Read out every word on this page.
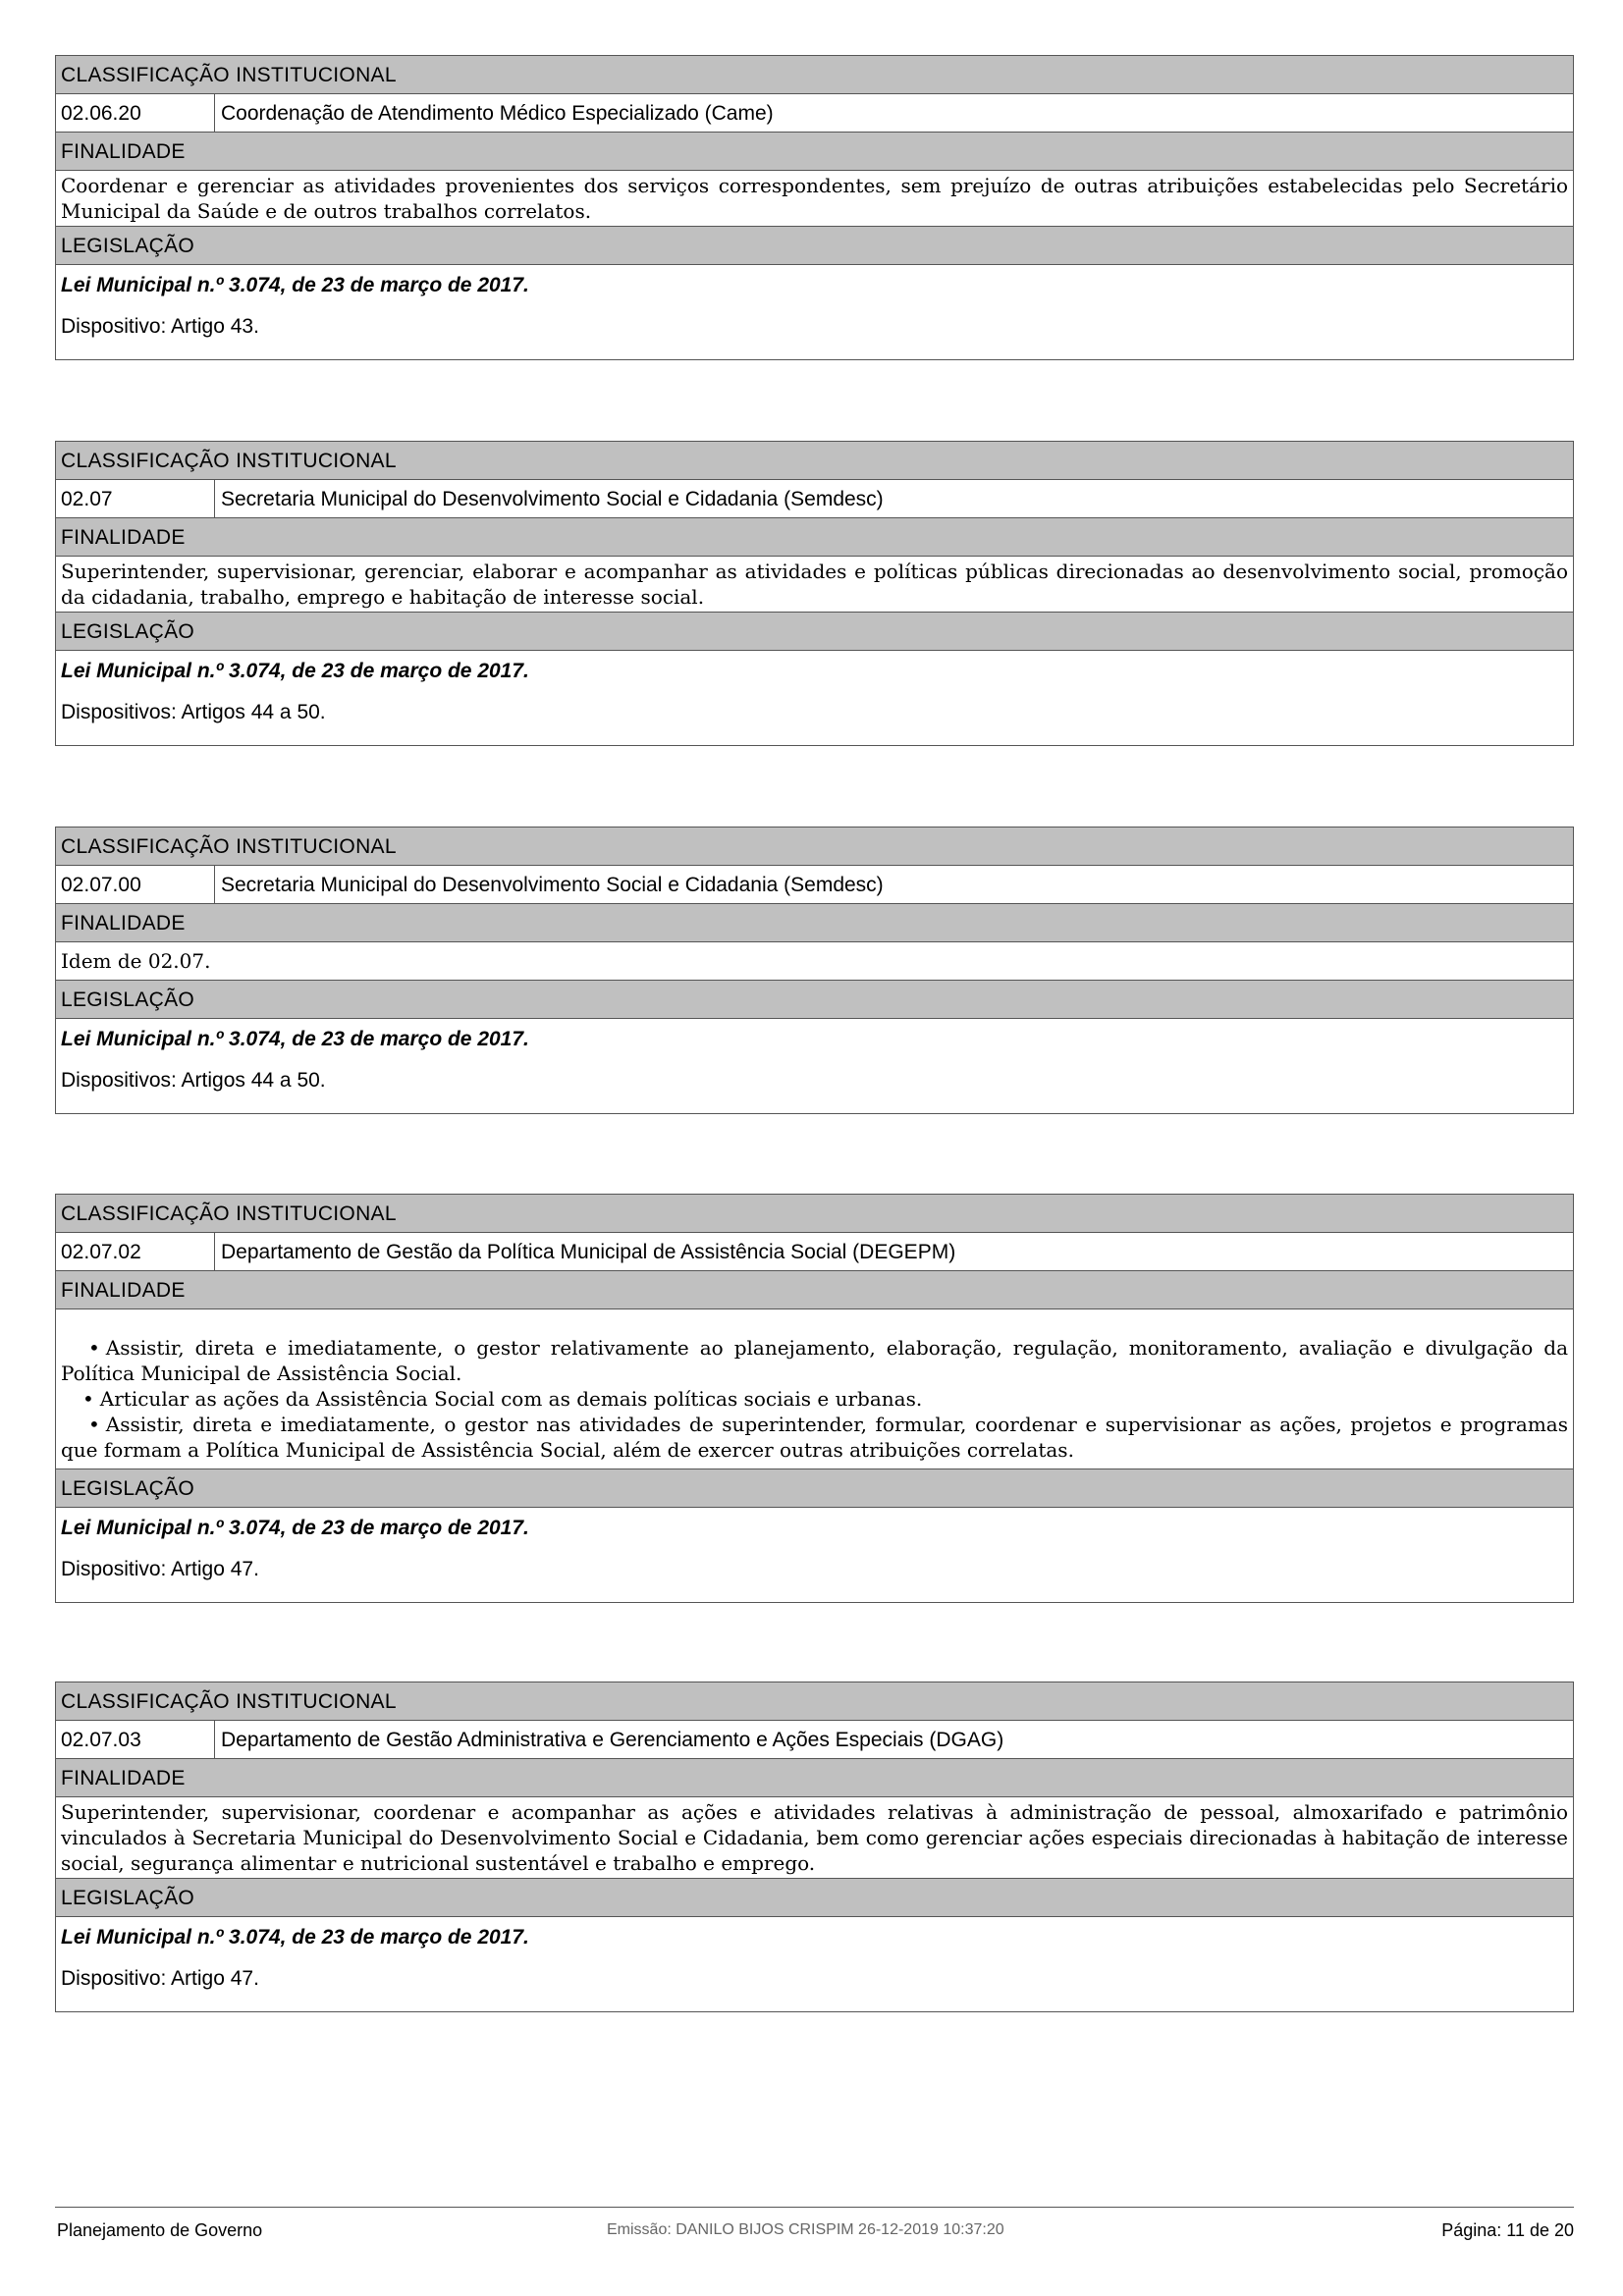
CLASSIFICAÇÃO INSTITUCIONAL
02.06.20	Coordenação de Atendimento Médico Especializado (Came)
FINALIDADE
Coordenar e gerenciar as atividades provenientes dos serviços correspondentes, sem prejuízo de outras atribuições estabelecidas pelo Secretário Municipal da Saúde e de outros trabalhos correlatos.
LEGISLAÇÃO
Lei Municipal n.º 3.074, de 23 de março de 2017.
Dispositivo: Artigo 43.
CLASSIFICAÇÃO INSTITUCIONAL
02.07	Secretaria Municipal do Desenvolvimento Social e Cidadania (Semdesc)
FINALIDADE
Superintender, supervisionar, gerenciar, elaborar e acompanhar as atividades e políticas públicas direcionadas ao desenvolvimento social, promoção da cidadania, trabalho, emprego e habitação de interesse social.
LEGISLAÇÃO
Lei Municipal n.º 3.074, de 23 de março de 2017.
Dispositivos: Artigos 44 a 50.
CLASSIFICAÇÃO INSTITUCIONAL
02.07.00	Secretaria Municipal do Desenvolvimento Social e Cidadania (Semdesc)
FINALIDADE
Idem de 02.07.
LEGISLAÇÃO
Lei Municipal n.º 3.074, de 23 de março de 2017.
Dispositivos: Artigos 44 a 50.
CLASSIFICAÇÃO INSTITUCIONAL
02.07.02	Departamento de Gestão da Política Municipal de Assistência Social (DEGEPM)
FINALIDADE
• Assistir, direta e imediatamente, o gestor relativamente ao planejamento, elaboração, regulação, monitoramento, avaliação e divulgação da Política Municipal de Assistência Social.
• Articular as ações da Assistência Social com as demais políticas sociais e urbanas.
• Assistir, direta e imediatamente, o gestor nas atividades de superintender, formular, coordenar e supervisionar as ações, projetos e programas que formam a Política Municipal de Assistência Social, além de exercer outras atribuições correlatas.
LEGISLAÇÃO
Lei Municipal n.º 3.074, de 23 de março de 2017.
Dispositivo: Artigo 47.
CLASSIFICAÇÃO INSTITUCIONAL
02.07.03	Departamento de Gestão Administrativa e Gerenciamento e Ações Especiais (DGAG)
FINALIDADE
Superintender, supervisionar, coordenar e acompanhar as ações e atividades relativas à administração de pessoal, almoxarifado e patrimônio vinculados à Secretaria Municipal do Desenvolvimento Social e Cidadania, bem como gerenciar ações especiais direcionadas à habitação de interesse social, segurança alimentar e nutricional sustentável e trabalho e emprego.
LEGISLAÇÃO
Lei Municipal n.º 3.074, de 23 de março de 2017.
Dispositivo: Artigo 47.
Planejamento de Governo	Emissão: DANILO BIJOS CRISPIM 26-12-2019 10:37:20	Página: 11 de 20
